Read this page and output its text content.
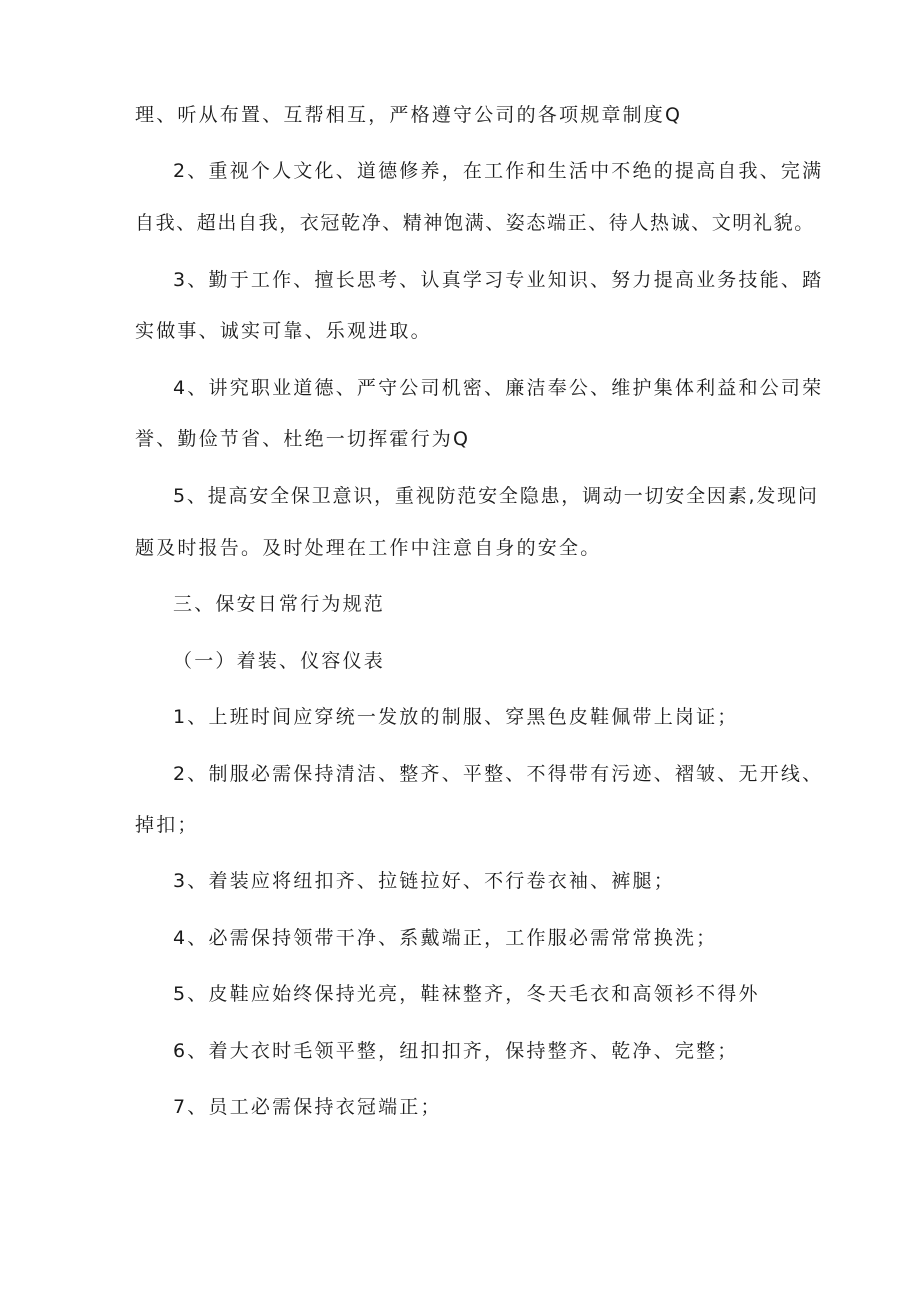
理、听从布置、互帮相互，严格遵守公司的各项规章制度Q

2、重视个人文化、道德修养，在工作和生活中不绝的提高自我、完满

自我、超出自我，衣冠乾净、精神饱满、姿态端正、待人热诚、文明礼貌。

3、勤于工作、擅长思考、认真学习专业知识、努力提高业务技能、踏

实做事、诚实可靠、乐观进取。

4、讲究职业道德、严守公司机密、廉洁奉公、维护集体利益和公司荣

誉、勤俭节省、杜绝一切挥霍行为Q

5、提高安全保卫意识，重视防范安全隐患，调动一切安全因素,发现问

题及时报告。及时处理在工作中注意自身的安全。

三、保安日常行为规范

（一）着装、仪容仪表

1、上班时间应穿统一发放的制服、穿黑色皮鞋佩带上岗证；

2、制服必需保持清洁、整齐、平整、不得带有污迹、褶皱、无开线、

掉扣；

3、着装应将纽扣齐、拉链拉好、不行卷衣袖、裤腿；

4、必需保持领带干净、系戴端正，工作服必需常常换洗；

5、皮鞋应始终保持光亮，鞋袜整齐，冬天毛衣和高领衫不得外

6、着大衣时毛领平整，纽扣扣齐，保持整齐、乾净、完整；

7、员工必需保持衣冠端正；
